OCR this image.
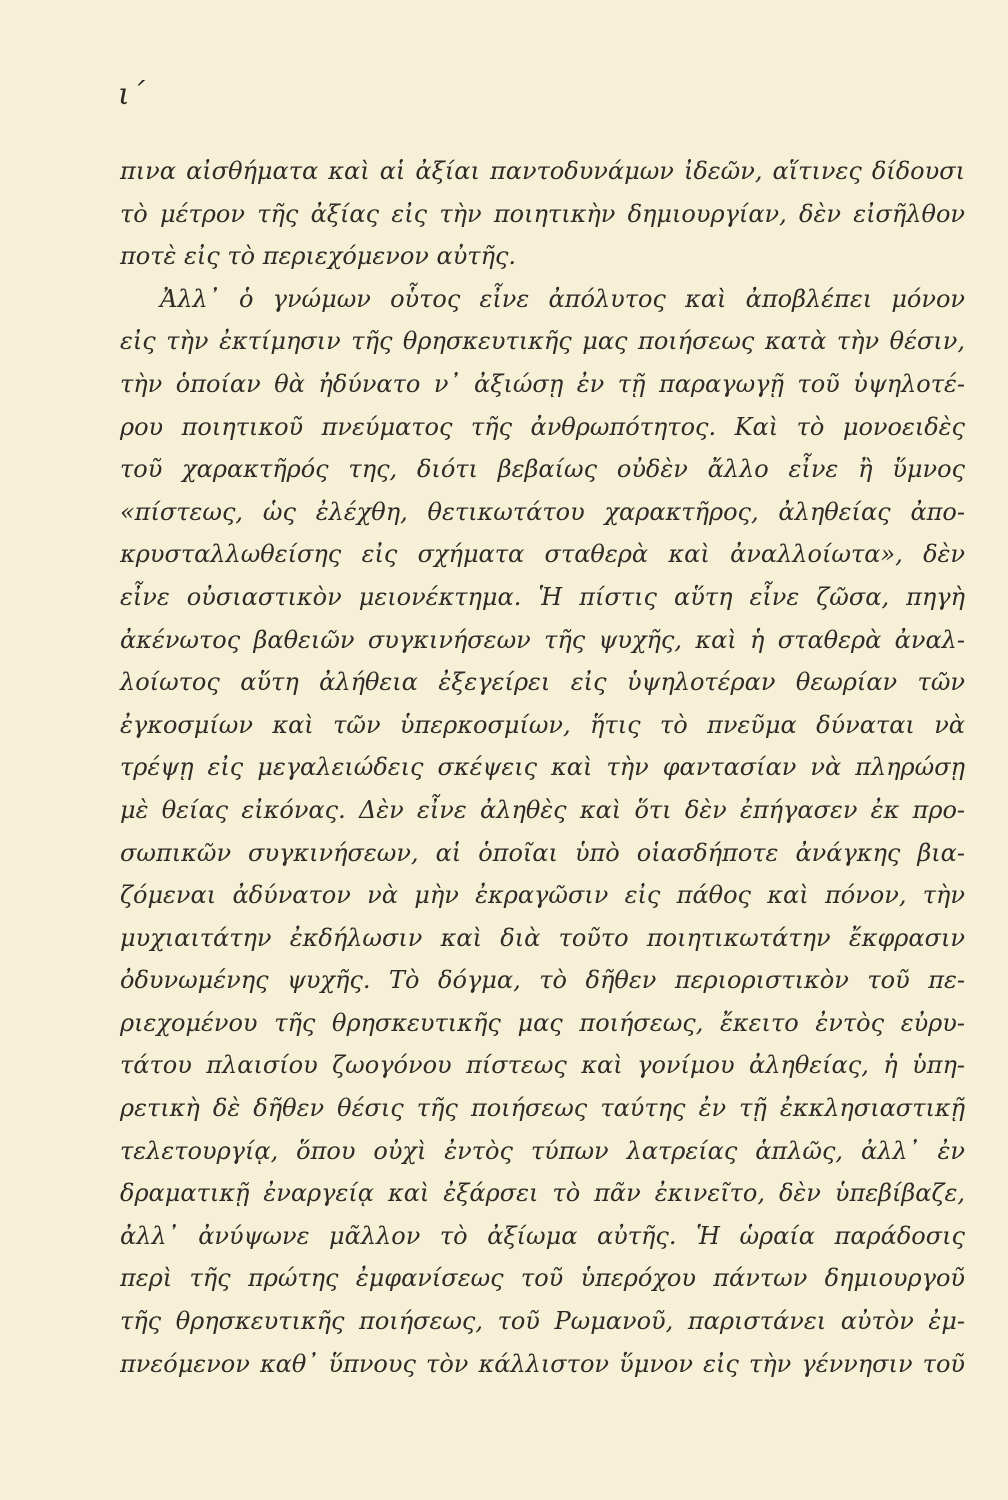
ι´
πινα αἰσθήματα καὶ αἱ ἀξίαι παντοδυνάμων ἰδεῶν, αἵτινες δίδουσι
τὸ μέτρον τῆς ἀξίας εἰς τὴν ποιητικὴν δημιουργίαν, δὲν εἰσῆλθον
ποτὲ εἰς τὸ περιεχόμενον αὐτῆς.
Ἀλλ᾿ ὁ γνώμων οὗτος εἶνε ἀπόλυτος καὶ ἀποβλέπει μόνον
εἰς τὴν ἐκτίμησιν τῆς θρησκευτικῆς μας ποιήσεως κατὰ τὴν θέσιν,
τὴν ὁποίαν θὰ ἠδύνατο ν᾿ ἀξιώσῃ ἐν τῇ παραγωγῇ τοῦ ὑψηλοτέ-
ρου ποιητικοῦ πνεύματος τῆς ἀνθρωπότητος. Καὶ τὸ μονοειδὲς
τοῦ χαρακτῆρός της, διότι βεβαίως οὐδὲν ἄλλο εἶνε ἢ ὕμνος
«πίστεως, ὡς ἐλέχθη, θετικωτάτου χαρακτῆρος, ἀληθείας ἀπο-
κρυσταλλωθείσης εἰς σχήματα σταθερὰ καὶ ἀναλλοίωτα», δὲν
εἶνε οὐσιαστικὸν μειονέκτημα. Ἡ πίστις αὕτη εἶνε ζῶσα, πηγὴ
ἀκένωτος βαθειῶν συγκινήσεων τῆς ψυχῆς, καὶ ἡ σταθερὰ ἀναλ-
λοίωτος αὕτη ἀλήθεια ἐξεγείρει εἰς ὑψηλοτέραν θεωρίαν τῶν
ἐγκοσμίων καὶ τῶν ὑπερκοσμίων, ἥτις τὸ πνεῦμα δύναται νὰ
τρέψῃ εἰς μεγαλειώδεις σκέψεις καὶ τὴν φαντασίαν νὰ πληρώσῃ
μὲ θείας εἰκόνας. Δὲν εἶνε ἀληθὲς καὶ ὅτι δὲν ἐπήγασεν ἐκ προ-
σωπικῶν συγκινήσεων, αἱ ὁποῖαι ὑπὸ οἱασδήποτε ἀνάγκης βια-
ζόμεναι ἀδύνατον νὰ μὴν ἐκραγῶσιν εἰς πάθος καὶ πόνον, τὴν
μυχιαιτάτην ἐκδήλωσιν καὶ διὰ τοῦτο ποιητικωτάτην ἔκφρασιν
ὀδυνωμένης ψυχῆς. Τὸ δόγμα, τὸ δῆθεν περιοριστικὸν τοῦ πε-
ριεχομένου τῆς θρησκευτικῆς μας ποιήσεως, ἔκειτο ἐντὸς εὐρυ-
τάτου πλαισίου ζωογόνου πίστεως καὶ γονίμου ἀληθείας, ἡ ὑπη-
ρετικὴ δὲ δῆθεν θέσις τῆς ποιήσεως ταύτης ἐν τῇ ἐκκλησιαστικῇ
τελετουργίᾳ, ὅπου οὐχὶ ἐντὸς τύπων λατρείας ἁπλῶς, ἀλλ᾿ ἐν
δραματικῇ ἐναργείᾳ καὶ ἐξάρσει τὸ πᾶν ἐκινεῖτο, δὲν ὑπεβίβαζε,
ἀλλ᾿ ἀνύψωνε μᾶλλον τὸ ἀξίωμα αὐτῆς. Ἡ ὡραία παράδοσις
περὶ τῆς πρώτης ἐμφανίσεως τοῦ ὑπερόχου πάντων δημιουργοῦ
τῆς θρησκευτικῆς ποιήσεως, τοῦ Ρωμανοῦ, παριστάνει αὐτὸν ἐμ-
πνεόμενον καθ᾿ ὕπνους τὸν κάλλιστον ὕμνον εἰς τὴν γέννησιν τοῦ
